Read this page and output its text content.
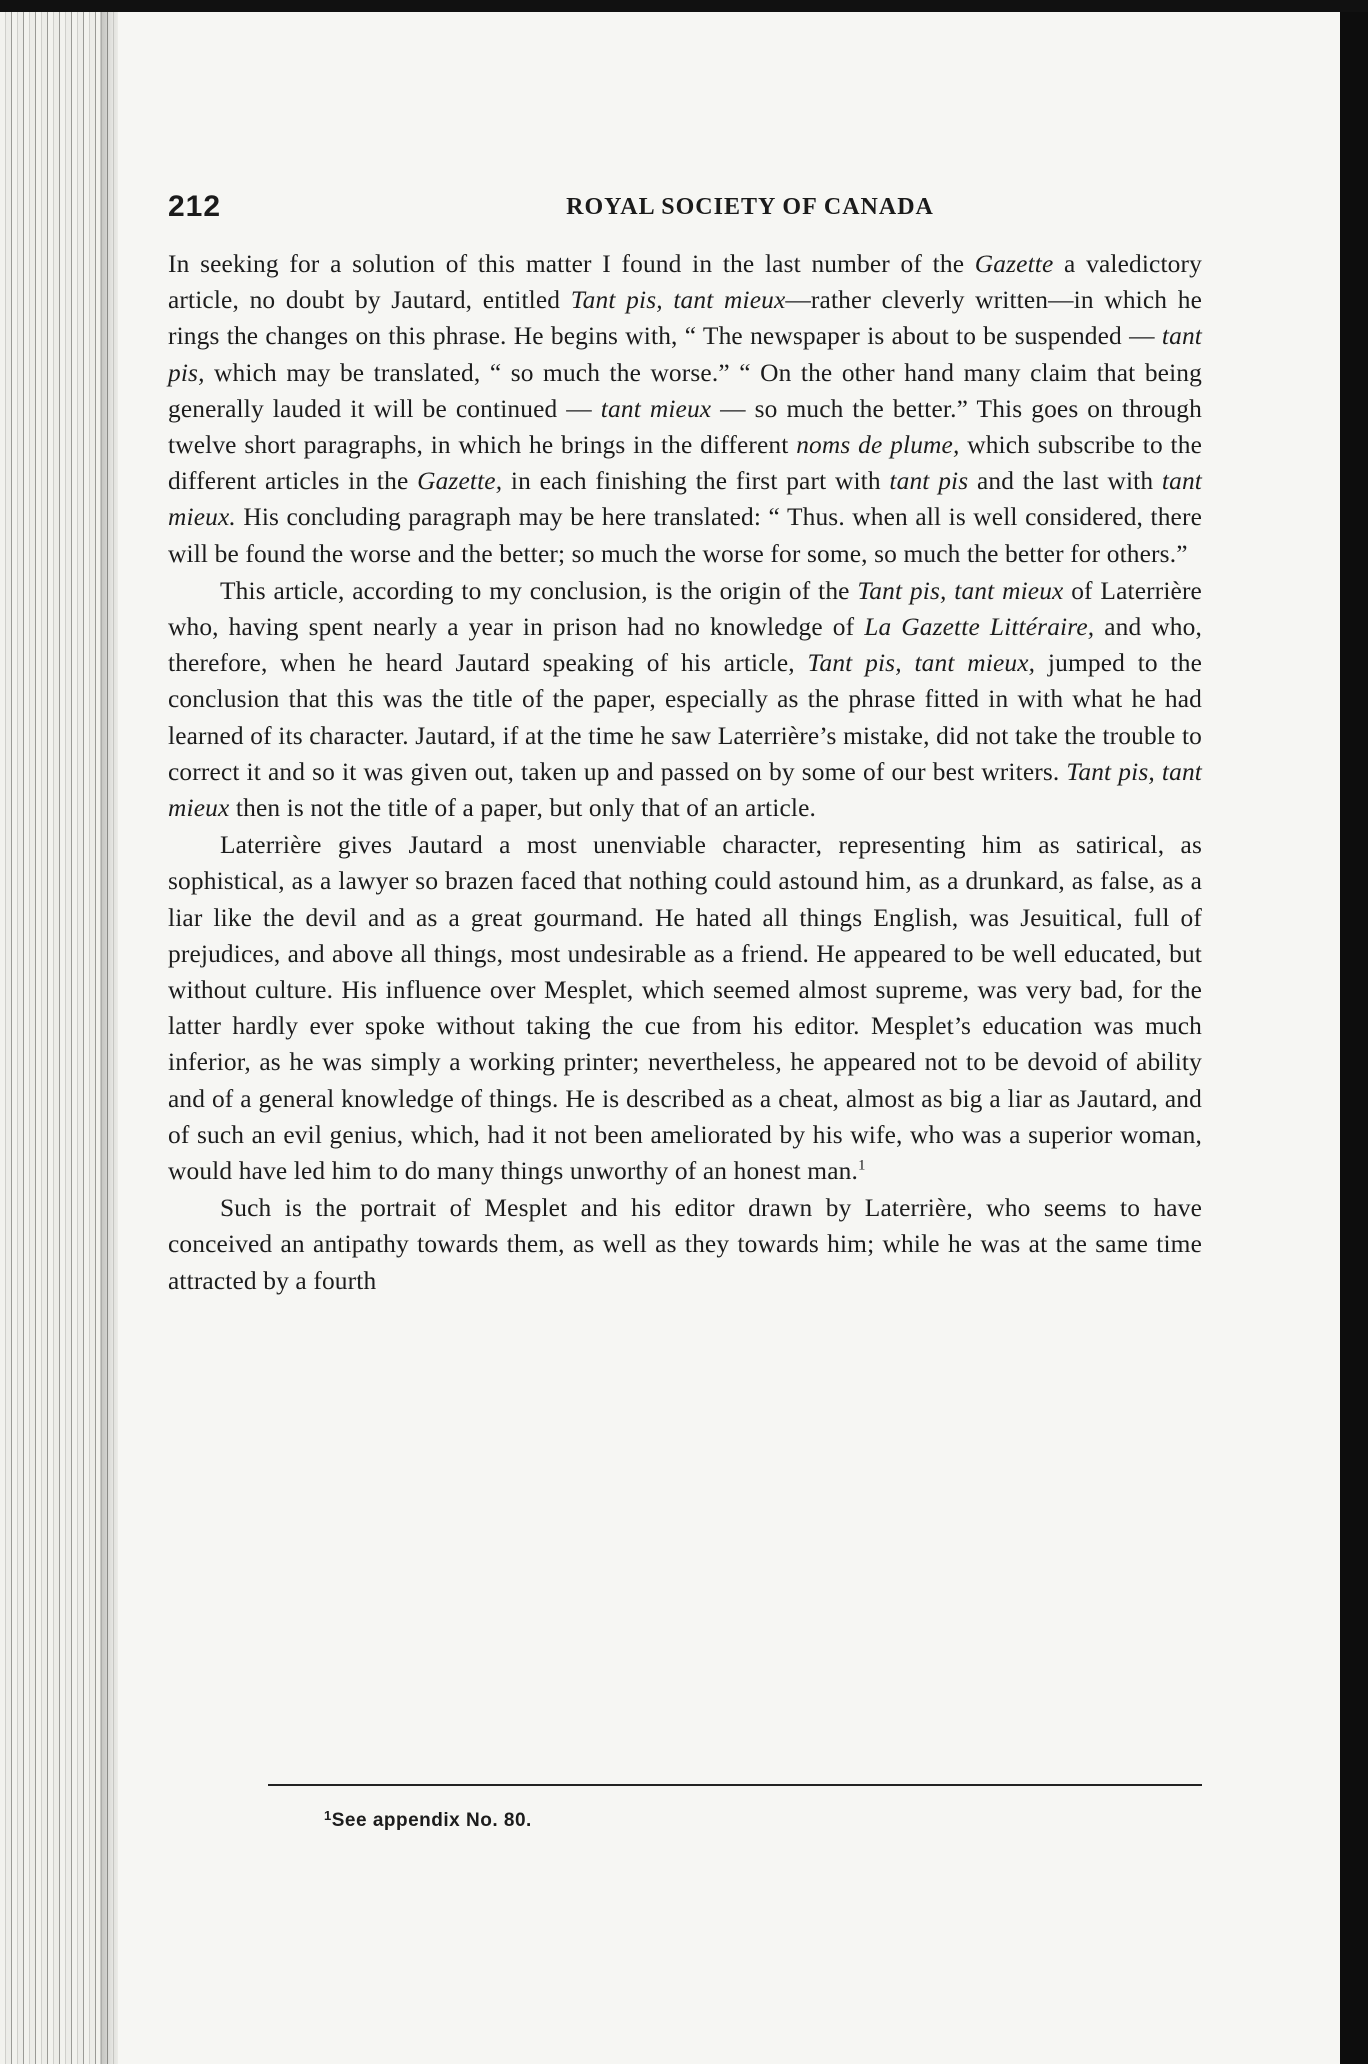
212	ROYAL SOCIETY OF CANADA

In seeking for a solution of this matter I found in the last number of the Gazette a valedictory article, no doubt by Jautard, entitled Tant pis, tant mieux—rather cleverly written—in which he rings the changes on this phrase. He begins with, “ The newspaper is about to be suspended — tant pis, which may be translated, “ so much the worse.” “ On the other hand many claim that being generally lauded it will be continued — tant mieux — so much the better.” This goes on through twelve short paragraphs, in which he brings in the different noms de plume, which subscribe to the different articles in the Gazette, in each finishing the first part with tant pis and the last with tant mieux. His concluding paragraph may be here translated: “ Thus. when all is well considered, there will be found the worse and the better; so much the worse for some, so much the better for others.”

This article, according to my conclusion, is the origin of the Tant pis, tant mieux of Laterrière who, having spent nearly a year in prison had no knowledge of La Gazette Littéraire, and who, therefore, when he heard Jautard speaking of his article, Tant pis, tant mieux, jumped to the conclusion that this was the title of the paper, especially as the phrase fitted in with what he had learned of its character. Jautard, if at the time he saw Laterrière’s mistake, did not take the trouble to correct it and so it was given out, taken up and passed on by some of our best writers. Tant pis, tant mieux then is not the title of a paper, but only that of an article.

Laterrière gives Jautard a most unenviable character, representing him as satirical, as sophistical, as a lawyer so brazen faced that nothing could astound him, as a drunkard, as false, as a liar like the devil and as a great gourmand. He hated all things English, was Jesuitical, full of prejudices, and above all things, most undesirable as a friend. He appeared to be well educated, but without culture. His influence over Mesplet, which seemed almost supreme, was very bad, for the latter hardly ever spoke without taking the cue from his editor. Mesplet’s education was much inferior, as he was simply a working printer; nevertheless, he appeared not to be devoid of ability and of a general knowledge of things. He is described as a cheat, almost as big a liar as Jautard, and of such an evil genius, which, had it not been ameliorated by his wife, who was a superior woman, would have led him to do many things unworthy of an honest man.$^1$

Such is the portrait of Mesplet and his editor drawn by Laterrière, who seems to have conceived an antipathy towards them, as well as they towards him; while he was at the same time attracted by a fourth

$^1$See appendix No. 80.
